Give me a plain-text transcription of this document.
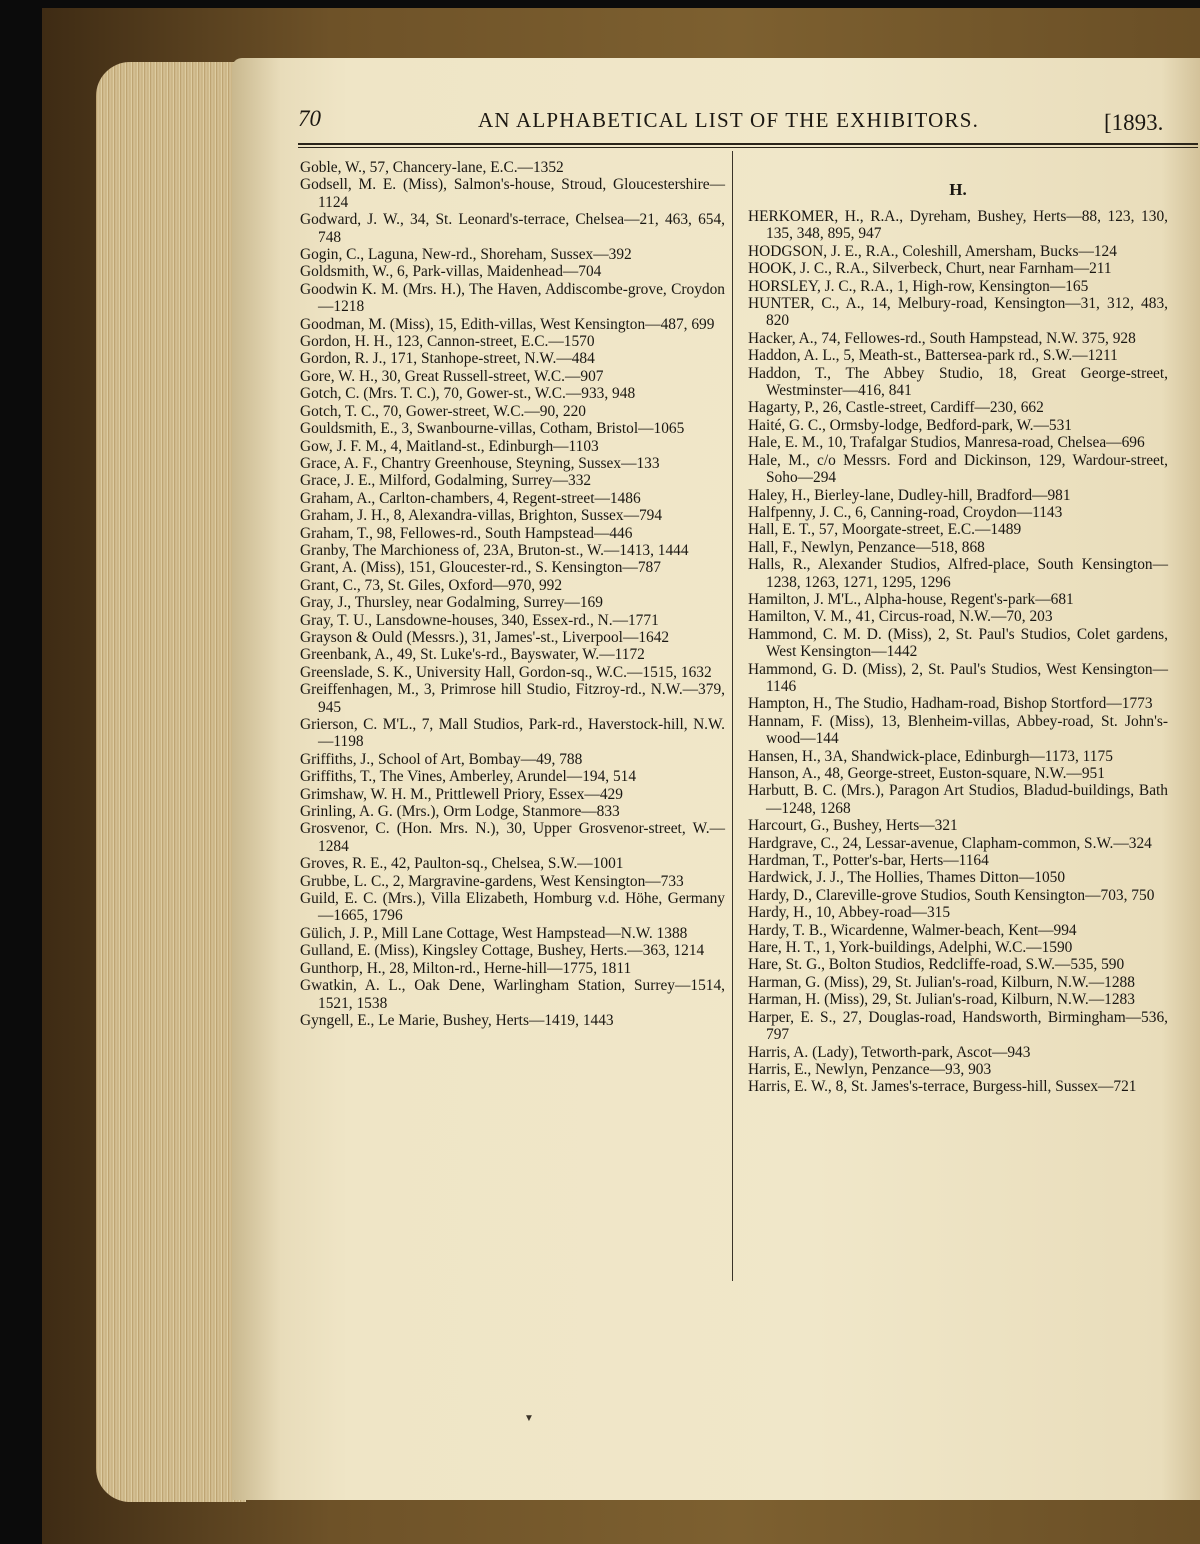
70	AN ALPHABETICAL LIST OF THE EXHIBITORS.	[1893.

Goble, W., 57, Chancery-lane, E.C.—1352

Godsell, M. E. (Miss), Salmon's-house, Stroud, Gloucestershire—1124

Godward, J. W., 34, St. Leonard's-terrace, Chelsea—21, 463, 654, 748

Gogin, C., Laguna, New-rd., Shoreham, Sussex—392

Goldsmith, W., 6, Park-villas, Maidenhead—704

Goodwin K. M. (Mrs. H.), The Haven, Addiscombe-grove, Croydon—1218

Goodman, M. (Miss), 15, Edith-villas, West Kensington—487, 699

Gordon, H. H., 123, Cannon-street, E.C.—1570

Gordon, R. J., 171, Stanhope-street, N.W.—484

Gore, W. H., 30, Great Russell-street, W.C.—907

Gotch, C. (Mrs. T. C.), 70, Gower-st., W.C.—933, 948

Gotch, T. C., 70, Gower-street, W.C.—90, 220

Gouldsmith, E., 3, Swanbourne-villas, Cotham, Bristol—1065

Gow, J. F. M., 4, Maitland-st., Edinburgh—1103

Grace, A. F., Chantry Greenhouse, Steyning, Sussex—133

Grace, J. E., Milford, Godalming, Surrey—332

Graham, A., Carlton-chambers, 4, Regent-street—1486

Graham, J. H., 8, Alexandra-villas, Brighton, Sussex—794

Graham, T., 98, Fellowes-rd., South Hampstead—446

Granby, The Marchioness of, 23A, Bruton-st., W.—1413, 1444

Grant, A. (Miss), 151, Gloucester-rd., S. Kensington—787

Grant, C., 73, St. Giles, Oxford—970, 992

Gray, J., Thursley, near Godalming, Surrey—169

Gray, T. U., Lansdowne-houses, 340, Essex-rd., N.—1771

Grayson & Ould (Messrs.), 31, James'-st., Liverpool—1642

Greenbank, A., 49, St. Luke's-rd., Bayswater, W.—1172

Greenslade, S. K., University Hall, Gordon-sq., W.C.—1515, 1632

Greiffenhagen, M., 3, Primrose hill Studio, Fitzroy-rd., N.W.—379, 945

Grierson, C. M'L., 7, Mall Studios, Park-rd., Haverstock-hill, N.W.—1198

Griffiths, J., School of Art, Bombay—49, 788

Griffiths, T., The Vines, Amberley, Arundel—194, 514

Grimshaw, W. H. M., Prittlewell Priory, Essex—429

Grinling, A. G. (Mrs.), Orm Lodge, Stanmore—833

Grosvenor, C. (Hon. Mrs. N.), 30, Upper Grosvenor-street, W.—1284

Groves, R. E., 42, Paulton-sq., Chelsea, S.W.—1001

Grubbe, L. C., 2, Margravine-gardens, West Kensington—733

Guild, E. C. (Mrs.), Villa Elizabeth, Homburg v.d. Höhe, Germany—1665, 1796

Gülich, J. P., Mill Lane Cottage, West Hampstead—N.W. 1388

Gulland, E. (Miss), Kingsley Cottage, Bushey, Herts.—363, 1214

Gunthorp, H., 28, Milton-rd., Herne-hill—1775, 1811

Gwatkin, A. L., Oak Dene, Warlingham Station, Surrey—1514, 1521, 1538

Gyngell, E., Le Marie, Bushey, Herts—1419, 1443

H.

HERKOMER, H., R.A., Dyreham, Bushey, Herts—88, 123, 130, 135, 348, 895, 947

HODGSON, J. E., R.A., Coleshill, Amersham, Bucks—124

HOOK, J. C., R.A., Silverbeck, Churt, near Farnham—211

HORSLEY, J. C., R.A., 1, High-row, Kensington—165

HUNTER, C., A., 14, Melbury-road, Kensington—31, 312, 483, 820

Hacker, A., 74, Fellowes-rd., South Hampstead, N.W. 375, 928

Haddon, A. L., 5, Meath-st., Battersea-park rd., S.W.—1211

Haddon, T., The Abbey Studio, 18, Great George-street, Westminster—416, 841

Hagarty, P., 26, Castle-street, Cardiff—230, 662

Haité, G. C., Ormsby-lodge, Bedford-park, W.—531

Hale, E. M., 10, Trafalgar Studios, Manresa-road, Chelsea—696

Hale, M., c/o Messrs. Ford and Dickinson, 129, Wardour-street, Soho—294

Haley, H., Bierley-lane, Dudley-hill, Bradford—981

Halfpenny, J. C., 6, Canning-road, Croydon—1143

Hall, E. T., 57, Moorgate-street, E.C.—1489

Hall, F., Newlyn, Penzance—518, 868

Halls, R., Alexander Studios, Alfred-place, South Kensington—1238, 1263, 1271, 1295, 1296

Hamilton, J. M'L., Alpha-house, Regent's-park—681

Hamilton, V. M., 41, Circus-road, N.W.—70, 203

Hammond, C. M. D. (Miss), 2, St. Paul's Studios, Colet gardens, West Kensington—1442

Hammond, G. D. (Miss), 2, St. Paul's Studios, West Kensington—1146

Hampton, H., The Studio, Hadham-road, Bishop Stortford—1773

Hannam, F. (Miss), 13, Blenheim-villas, Abbey-road, St. John's-wood—144

Hansen, H., 3A, Shandwick-place, Edinburgh—1173, 1175

Hanson, A., 48, George-street, Euston-square, N.W.—951

Harbutt, B. C. (Mrs.), Paragon Art Studios, Bladud-buildings, Bath—1248, 1268

Harcourt, G., Bushey, Herts—321

Hardgrave, C., 24, Lessar-avenue, Clapham-common, S.W.—324

Hardman, T., Potter's-bar, Herts—1164

Hardwick, J. J., The Hollies, Thames Ditton—1050

Hardy, D., Clareville-grove Studios, South Kensington—703, 750

Hardy, H., 10, Abbey-road—315

Hardy, T. B., Wicardenne, Walmer-beach, Kent—994

Hare, H. T., 1, York-buildings, Adelphi, W.C.—1590

Hare, St. G., Bolton Studios, Redcliffe-road, S.W.—535, 590

Harman, G. (Miss), 29, St. Julian's-road, Kilburn, N.W.—1288

Harman, H. (Miss), 29, St. Julian's-road, Kilburn, N.W.—1283

Harper, E. S., 27, Douglas-road, Handsworth, Birmingham—536, 797

Harris, A. (Lady), Tetworth-park, Ascot—943

Harris, E., Newlyn, Penzance—93, 903

Harris, E. W., 8, St. James's-terrace, Burgess-hill, Sussex—721

▼
